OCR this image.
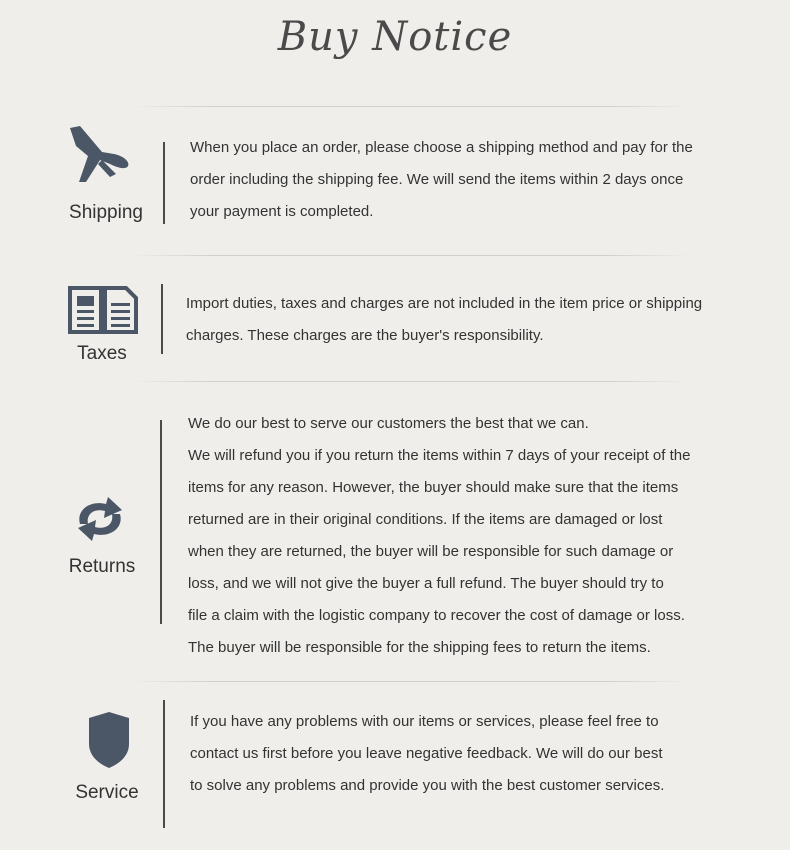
Buy Notice
Shipping

When you place an order, please choose a shipping method and pay for the

order including the shipping fee. We will send the items within 2 days once

your payment is completed.

Taxes

Import duties, taxes and charges are not included in the item price or shipping

charges. These charges are the buyer's responsibility.

Returns

We do our best to serve our customers the best that we can.

We will refund you if you return the items within 7 days of your receipt of the

items for any reason. However, the buyer should make sure that the items

returned are in their original conditions. If the items are damaged or lost

when they are returned, the buyer will be responsible for such damage or

loss, and we will not give the buyer a full refund. The buyer should try to

file a claim with the logistic company to recover the cost of damage or loss.

The buyer will be responsible for the shipping fees to return the items.

Service

If you have any problems with our items or services, please feel free to

contact us first before you leave negative feedback. We will do our best

to solve any problems and provide you with the best customer services.
